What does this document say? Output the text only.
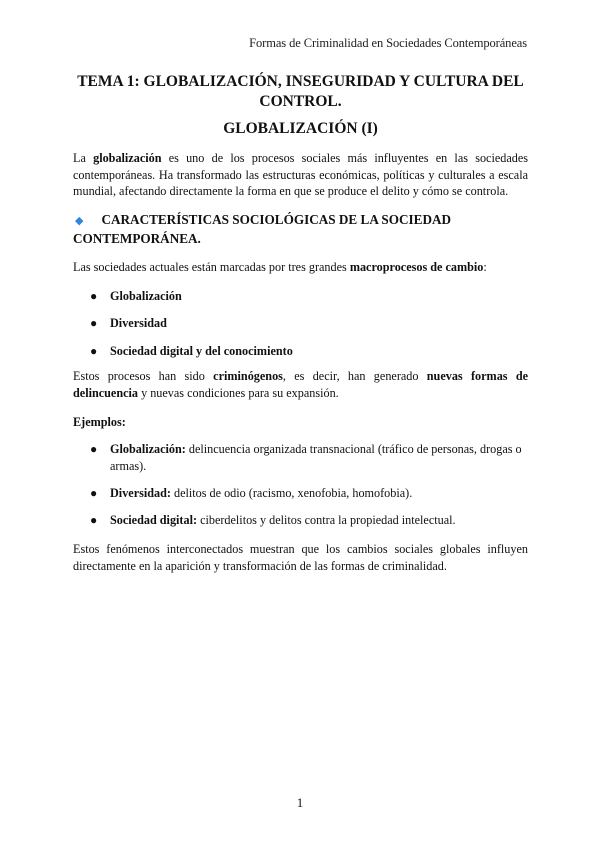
Formas de Criminalidad en Sociedades Contemporáneas
TEMA 1: GLOBALIZACIÓN, INSEGURIDAD Y CULTURA DEL
CONTROL.
GLOBALIZACIÓN (I)
La globalización es uno de los procesos sociales más influyentes en las sociedades contemporáneas. Ha transformado las estructuras económicas, políticas y culturales a escala mundial, afectando directamente la forma en que se produce el delito y cómo se controla.
◆ CARACTERÍSTICAS SOCIOLÓGICAS DE LA SOCIEDAD
CONTEMPORÁNEA.
Las sociedades actuales están marcadas por tres grandes macroprocesos de cambio:
● Globalización
● Diversidad
● Sociedad digital y del conocimiento
Estos procesos han sido criminógenos, es decir, han generado nuevas formas de delincuencia y nuevas condiciones para su expansión.
Ejemplos:
● Globalización: delincuencia organizada transnacional (tráfico de personas, drogas o armas).
● Diversidad: delitos de odio (racismo, xenofobia, homofobia).
● Sociedad digital: ciberdelitos y delitos contra la propiedad intelectual.
Estos fenómenos interconectados muestran que los cambios sociales globales influyen directamente en la aparición y transformación de las formas de criminalidad.
1
